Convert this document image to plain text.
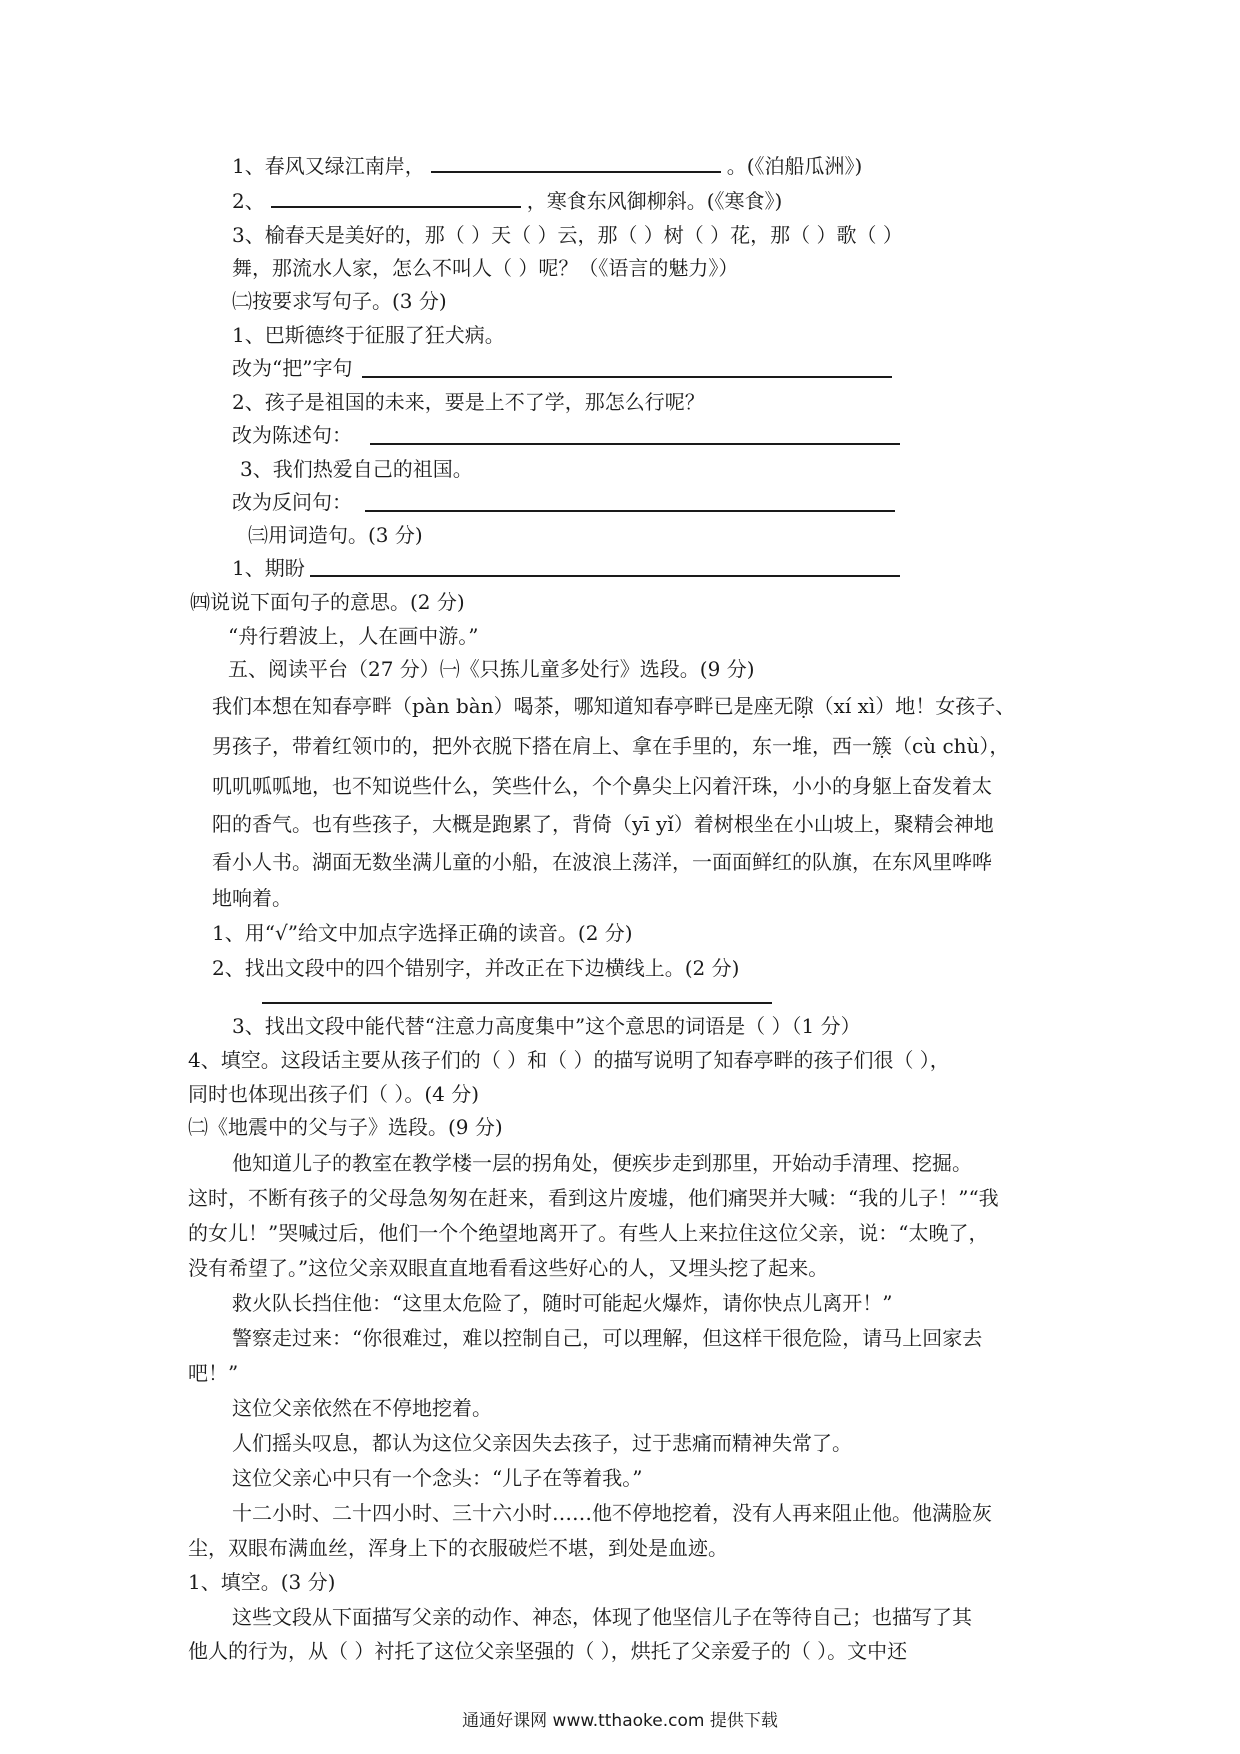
1、春风又绿江南岸，	。(《泊船瓜洲》)
2、	，寒食东风御柳斜。(《寒食》)
3、榆春天是美好的，那（ ）天（ ）云，那（ ）树（ ）花，那（ ）歌（ ）
舞，那流水人家，怎么不叫人（ ）呢？（《语言的魅力》）
㈡按要求写句子。(3 分)
1、巴斯德终于征服了狂犬病。
改为“把”字句
2、孩子是祖国的未来，要是上不了学，那怎么行呢？
改为陈述句：
3、我们热爱自己的祖国。
改为反问句：
㈢用词造句。(3 分)
1、期盼
㈣说说下面句子的意思。(2 分)
“舟行碧波上，人在画中游。”
五、阅读平台（27 分）㈠《只拣儿童多处行》选段。(9 分)
我们本想在知春亭畔（pàn bàn）喝茶，哪知道知春亭畔已是座无隙（xí xì）地！女孩子、
男孩子，带着红领巾的，把外衣脱下搭在肩上、拿在手里的，东一堆，西一簇（cù chù），
叽叽呱呱地，也不知说些什么，笑些什么，个个鼻尖上闪着汗珠，小小的身躯上奋发着太
阳的香气。也有些孩子，大概是跑累了，背倚（yī yǐ）着树根坐在小山坡上，聚精会神地
看小人书。湖面无数坐满儿童的小船，在波浪上荡洋，一面面鲜红的队旗，在东风里哗哗
地响着。
1、用“√”给文中加点字选择正确的读音。(2 分)
2、找出文段中的四个错别字，并改正在下边横线上。(2 分)
3、找出文段中能代替“注意力高度集中”这个意思的词语是（ ）（1 分）
4、填空。这段话主要从孩子们的（ ）和（ ）的描写说明了知春亭畔的孩子们很（ ），
同时也体现出孩子们（ ）。(4 分)
㈡《地震中的父与子》选段。(9 分)
他知道儿子的教室在教学楼一层的拐角处，便疾步走到那里，开始动手清理、挖掘。
这时，不断有孩子的父母急匆匆在赶来，看到这片废墟，他们痛哭并大喊：“我的儿子！”“我
的女儿！”哭喊过后，他们一个个绝望地离开了。有些人上来拉住这位父亲，说：“太晚了，
没有希望了。”这位父亲双眼直直地看看这些好心的人，又埋头挖了起来。
救火队长挡住他：“这里太危险了，随时可能起火爆炸，请你快点儿离开！”
警察走过来：“你很难过，难以控制自己，可以理解，但这样干很危险，请马上回家去
吧！”
这位父亲依然在不停地挖着。
人们摇头叹息，都认为这位父亲因失去孩子，过于悲痛而精神失常了。
这位父亲心中只有一个念头：“儿子在等着我。”
十二小时、二十四小时、三十六小时……他不停地挖着，没有人再来阻止他。他满脸灰
尘，双眼布满血丝，浑身上下的衣服破烂不堪，到处是血迹。
1、填空。(3 分)
这些文段从下面描写父亲的动作、神态，体现了他坚信儿子在等待自己；也描写了其
他人的行为，从（ ）衬托了这位父亲坚强的（ ），烘托了父亲爱子的（ ）。文中还
通通好课网 www.tthaoke.com 提供下载
